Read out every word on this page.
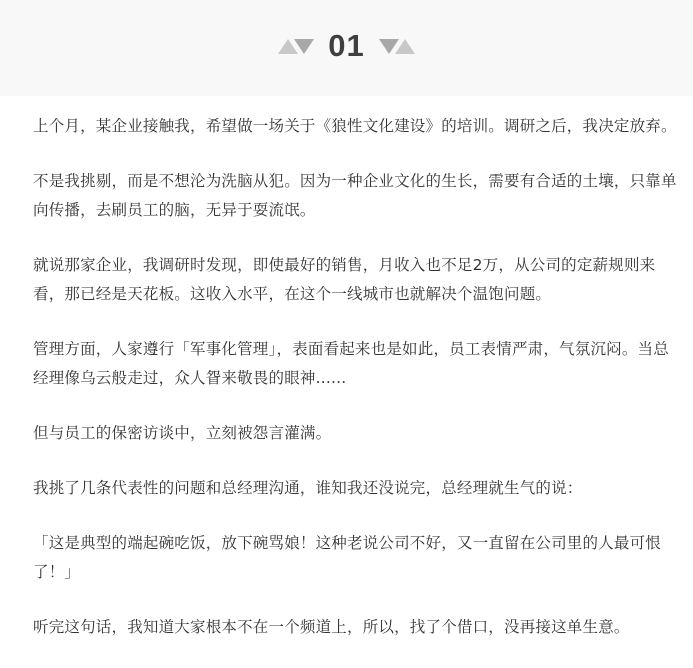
01

上个月，某企业接触我，希望做一场关于《狼性文化建设》的培训。调研之后，我决定放弃。

不是我挑剔，而是不想沦为洗脑从犯。因为一种企业文化的生长，需要有合适的土壤，只靠单向传播，去刷员工的脑，无异于耍流氓。

就说那家企业，我调研时发现，即使最好的销售，月收入也不足2万，从公司的定薪规则来看，那已经是天花板。这收入水平，在这个一线城市也就解决个温饱问题。

管理方面，人家遵行「军事化管理」，表面看起来也是如此，员工表情严肃，气氛沉闷。当总经理像乌云般走过，众人眢来敬畏的眼神......

但与员工的保密访谈中，立刻被怨言灌满。

我挑了几条代表性的问题和总经理沟通，谁知我还没说完，总经理就生气的说：

「这是典型的端起碗吃饭，放下碗骂娘！这种老说公司不好，又一直留在公司里的人最可恨了！」

听完这句话，我知道大家根本不在一个频道上，所以，找了个借口，没再接这单生意。
